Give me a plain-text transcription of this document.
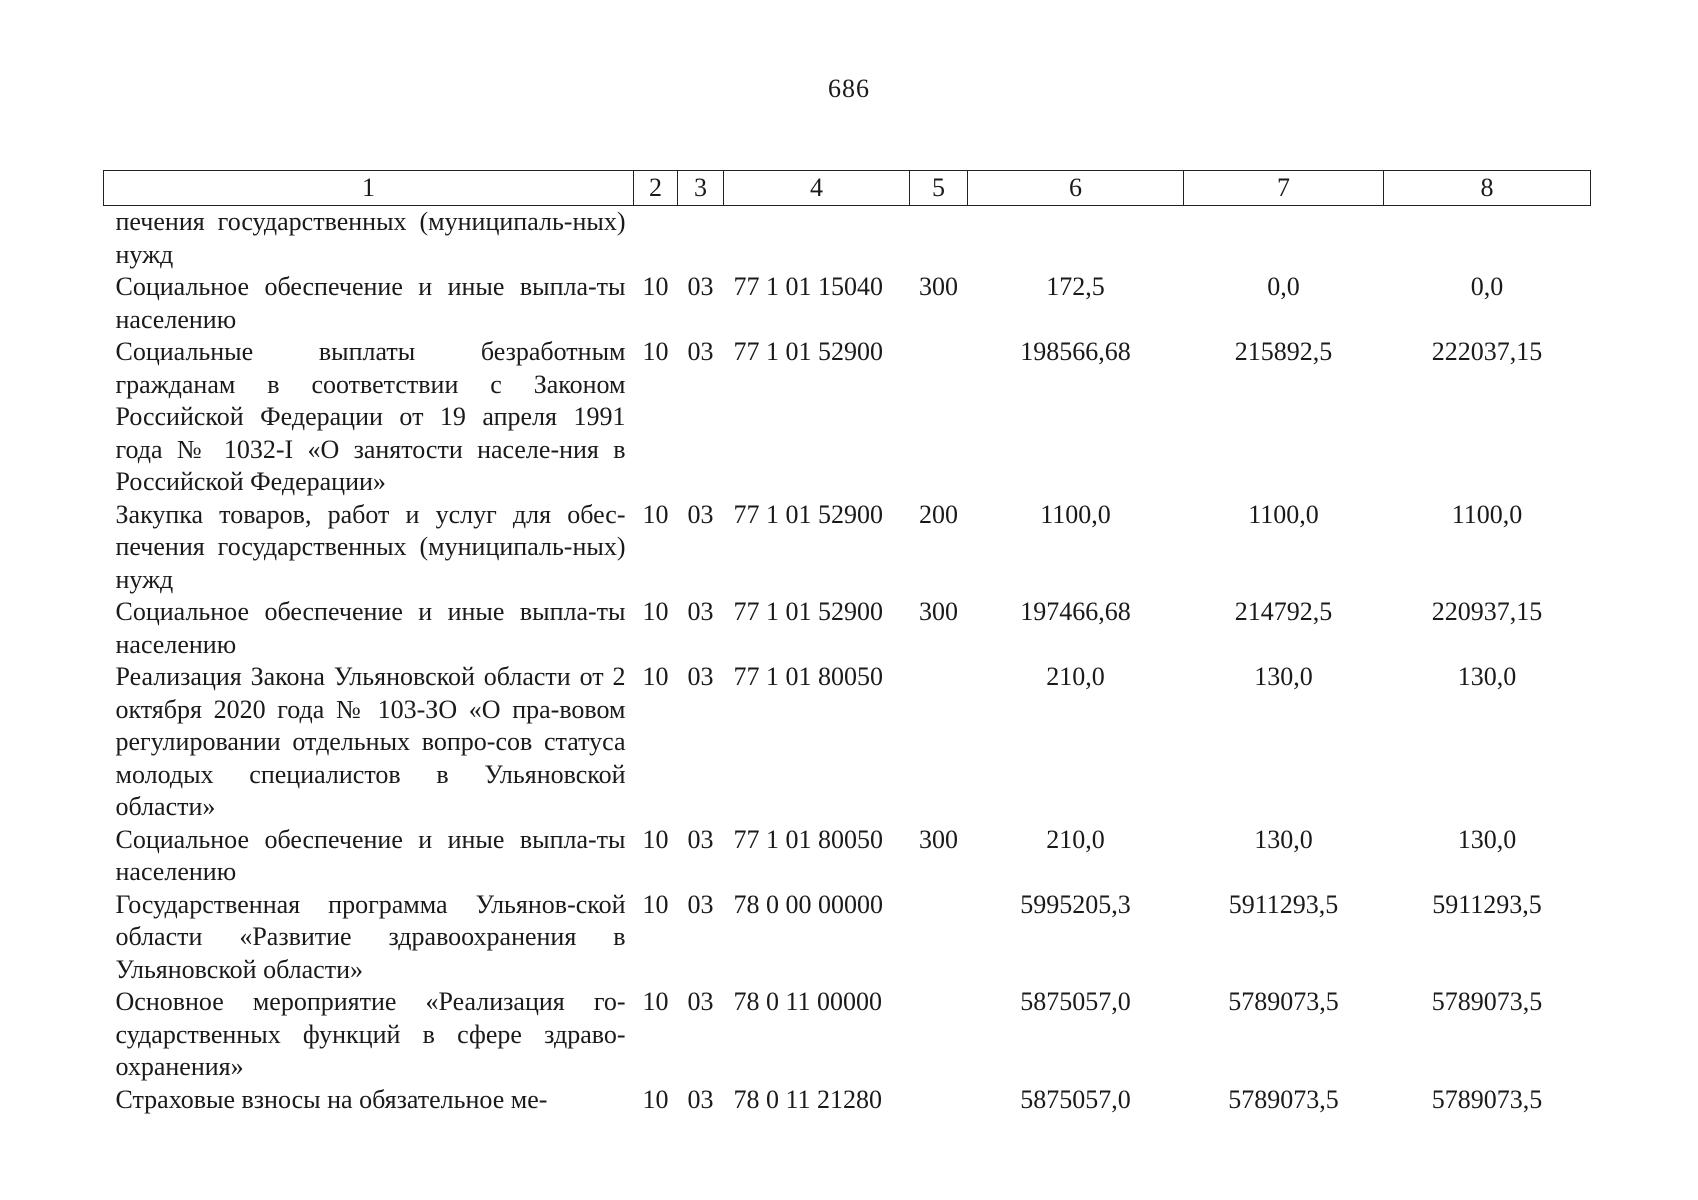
686
1	2	3	4	5	6	7	8
печения государственных (муниципаль-ных) нужд							
Социальное обеспечение и иные выпла-ты населению	10	03	77 1 01 15040	300	172,5	0,0	0,0
Социальные выплаты безработным гражданам в соответствии с Законом Российской Федерации от 19 апреля 1991 года № 1032-I «О занятости населе-ния в Российской Федерации»	10	03	77 1 01 52900		198566,68	215892,5	222037,15
Закупка товаров, работ и услуг для обес-печения государственных (муниципаль-ных) нужд	10	03	77 1 01 52900	200	1100,0	1100,0	1100,0
Социальное обеспечение и иные выпла-ты населению	10	03	77 1 01 52900	300	197466,68	214792,5	220937,15
Реализация Закона Ульяновской области от 2 октября 2020 года № 103-ЗО «О пра-вовом регулировании отдельных вопро-сов статуса молодых специалистов в Ульяновской области»	10	03	77 1 01 80050		210,0	130,0	130,0
Социальное обеспечение и иные выпла-ты населению	10	03	77 1 01 80050	300	210,0	130,0	130,0
Государственная программа Ульянов-ской области «Развитие здравоохранения в Ульяновской области»	10	03	78 0 00 00000		5995205,3	5911293,5	5911293,5
Основное мероприятие «Реализация го-сударственных функций в сфере здраво-охранения»	10	03	78 0 11 00000		5875057,0	5789073,5	5789073,5
Страховые взносы на обязательное ме-	10	03	78 0 11 21280		5875057,0	5789073,5	5789073,5
